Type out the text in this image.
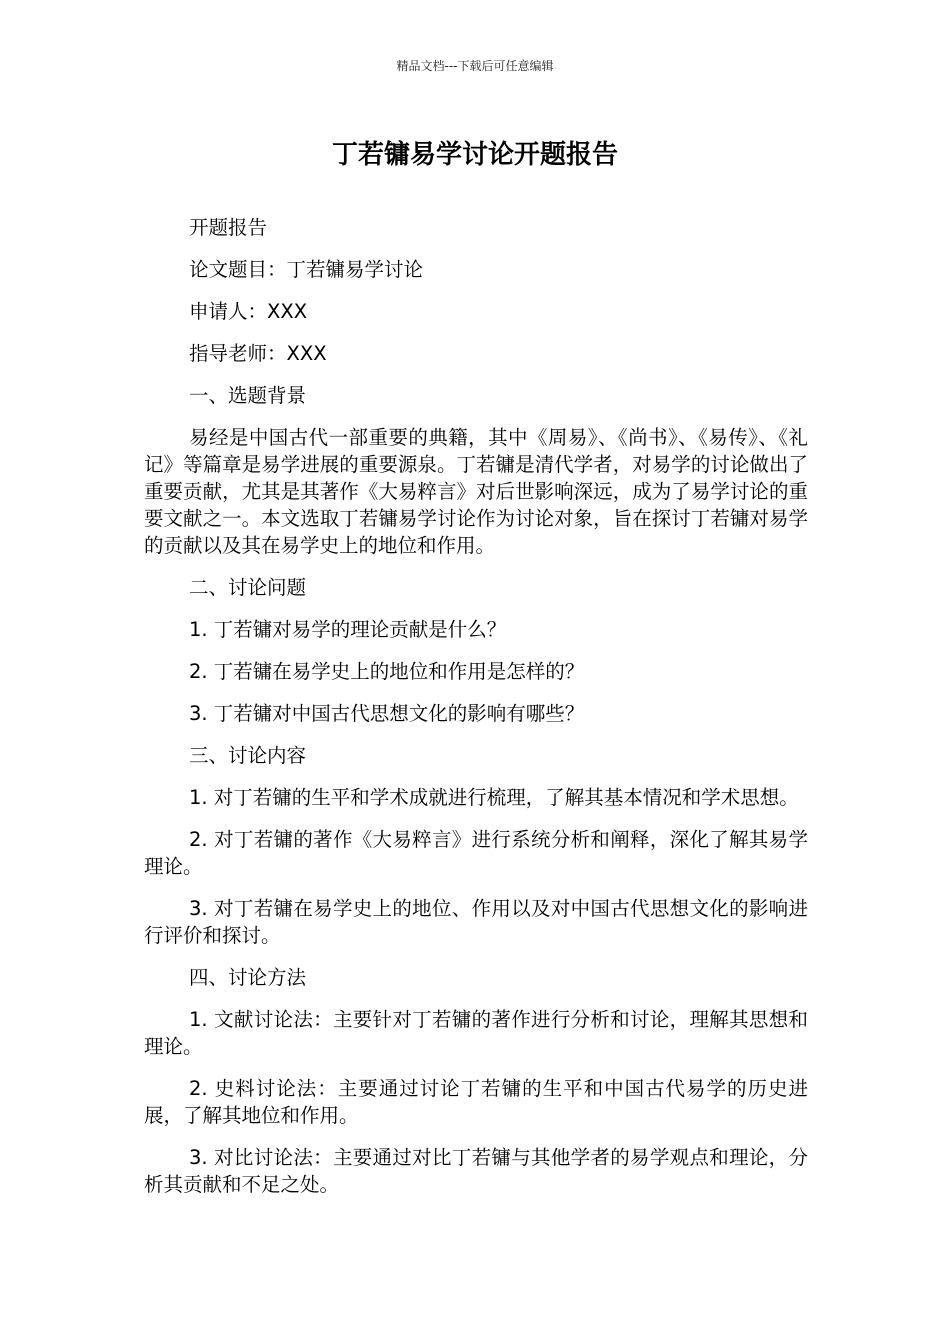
精品文档---下载后可任意编辑
丁若镛易学讨论开题报告

开题报告

论文题目：丁若镛易学讨论

申请人：XXX

指导老师：XXX

一、选题背景

易经是中国古代一部重要的典籍，其中《周易》、《尚书》、《易传》、《礼记》等篇章是易学进展的重要源泉。丁若镛是清代学者，对易学的讨论做出了重要贡献，尤其是其著作《大易粹言》对后世影响深远，成为了易学讨论的重要文献之一。本文选取丁若镛易学讨论作为讨论对象，旨在探讨丁若镛对易学的贡献以及其在易学史上的地位和作用。

二、讨论问题

1. 丁若镛对易学的理论贡献是什么？

2. 丁若镛在易学史上的地位和作用是怎样的？

3. 丁若镛对中国古代思想文化的影响有哪些？

三、讨论内容

1. 对丁若镛的生平和学术成就进行梳理，了解其基本情况和学术思想。

2. 对丁若镛的著作《大易粹言》进行系统分析和阐释，深化了解其易学理论。

3. 对丁若镛在易学史上的地位、作用以及对中国古代思想文化的影响进行评价和探讨。

四、讨论方法

1. 文献讨论法：主要针对丁若镛的著作进行分析和讨论，理解其思想和理论。

2. 史料讨论法：主要通过讨论丁若镛的生平和中国古代易学的历史进展，了解其地位和作用。

3. 对比讨论法：主要通过对比丁若镛与其他学者的易学观点和理论，分析其贡献和不足之处。
